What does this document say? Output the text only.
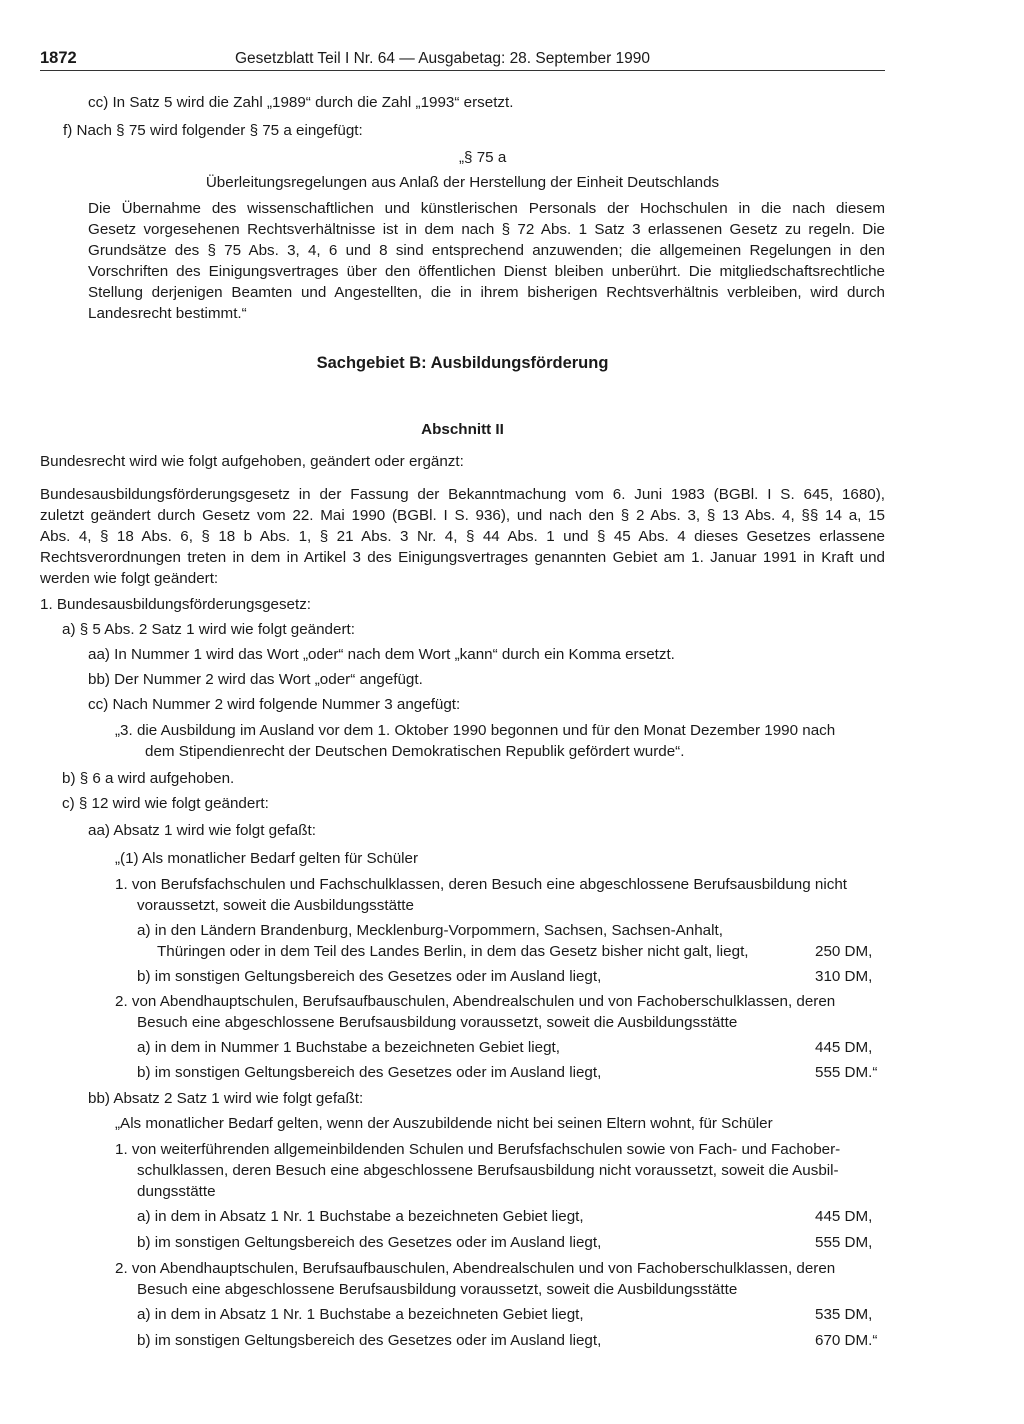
1872	Gesetzblatt Teil I Nr. 64 — Ausgabetag: 28. September 1990
cc) In Satz 5 wird die Zahl „1989“ durch die Zahl „1993“ ersetzt.
f) Nach § 75 wird folgender § 75 a eingefügt:
„§ 75 a
Überleitungsregelungen aus Anlaß der Herstellung der Einheit Deutschlands
Die Übernahme des wissenschaftlichen und künstlerischen Personals der Hochschulen in die nach diesem
Gesetz vorgesehenen Rechtsverhältnisse ist in dem nach § 72 Abs. 1 Satz 3 erlassenen Gesetz zu regeln. Die
Grundsätze des § 75 Abs. 3, 4, 6 und 8 sind entsprechend anzuwenden; die allgemeinen Regelungen in den
Vorschriften des Einigungsvertrages über den öffentlichen Dienst bleiben unberührt. Die mitgliedschaftsrechtliche
Stellung derjenigen Beamten und Angestellten, die in ihrem bisherigen Rechtsverhältnis verbleiben, wird durch
Landesrecht bestimmt.“
Sachgebiet B: Ausbildungsförderung
Abschnitt II
Bundesrecht wird wie folgt aufgehoben, geändert oder ergänzt:
Bundesausbildungsförderungsgesetz in der Fassung der Bekanntmachung vom 6. Juni 1983 (BGBl. I S. 645, 1680),
zuletzt geändert durch Gesetz vom 22. Mai 1990 (BGBl. I S. 936), und nach den § 2 Abs. 3, § 13 Abs. 4, §§ 14 a, 15
Abs. 4, § 18 Abs. 6, § 18 b Abs. 1, § 21 Abs. 3 Nr. 4, § 44 Abs. 1 und § 45 Abs. 4 dieses Gesetzes erlassene
Rechtsverordnungen treten in dem in Artikel 3 des Einigungsvertrages genannten Gebiet am 1. Januar 1991 in Kraft und
werden wie folgt geändert:
1. Bundesausbildungsförderungsgesetz:
a) § 5 Abs. 2 Satz 1 wird wie folgt geändert:
aa) In Nummer 1 wird das Wort „oder“ nach dem Wort „kann“ durch ein Komma ersetzt.
bb) Der Nummer 2 wird das Wort „oder“ angefügt.
cc) Nach Nummer 2 wird folgende Nummer 3 angefügt:
„3. die Ausbildung im Ausland vor dem 1. Oktober 1990 begonnen und für den Monat Dezember 1990 nach
dem Stipendienrecht der Deutschen Demokratischen Republik gefördert wurde“.
b) § 6 a wird aufgehoben.
c) § 12 wird wie folgt geändert:
aa) Absatz 1 wird wie folgt gefaßt:
„(1) Als monatlicher Bedarf gelten für Schüler
1. von Berufsfachschulen und Fachschulklassen, deren Besuch eine abgeschlossene Berufsausbildung nicht
voraussetzt, soweit die Ausbildungsstätte
a) in den Ländern Brandenburg, Mecklenburg-Vorpommern, Sachsen, Sachsen-Anhalt,
Thüringen oder in dem Teil des Landes Berlin, in dem das Gesetz bisher nicht galt, liegt,	250 DM,
b) im sonstigen Geltungsbereich des Gesetzes oder im Ausland liegt,	310 DM,
2. von Abendhauptschulen, Berufsaufbauschulen, Abendrealschulen und von Fachoberschulklassen, deren
Besuch eine abgeschlossene Berufsausbildung voraussetzt, soweit die Ausbildungsstätte
a) in dem in Nummer 1 Buchstabe a bezeichneten Gebiet liegt,	445 DM,
b) im sonstigen Geltungsbereich des Gesetzes oder im Ausland liegt,	555 DM.“
bb) Absatz 2 Satz 1 wird wie folgt gefaßt:
„Als monatlicher Bedarf gelten, wenn der Auszubildende nicht bei seinen Eltern wohnt, für Schüler
1. von weiterführenden allgemeinbildenden Schulen und Berufsfachschulen sowie von Fach- und Fachober-
schulklassen, deren Besuch eine abgeschlossene Berufsausbildung nicht voraussetzt, soweit die Ausbil-
dungsstätte
a) in dem in Absatz 1 Nr. 1 Buchstabe a bezeichneten Gebiet liegt,	445 DM,
b) im sonstigen Geltungsbereich des Gesetzes oder im Ausland liegt,	555 DM,
2. von Abendhauptschulen, Berufsaufbauschulen, Abendrealschulen und von Fachoberschulklassen, deren
Besuch eine abgeschlossene Berufsausbildung voraussetzt, soweit die Ausbildungsstätte
a) in dem in Absatz 1 Nr. 1 Buchstabe a bezeichneten Gebiet liegt,	535 DM,
b) im sonstigen Geltungsbereich des Gesetzes oder im Ausland liegt,	670 DM.“
